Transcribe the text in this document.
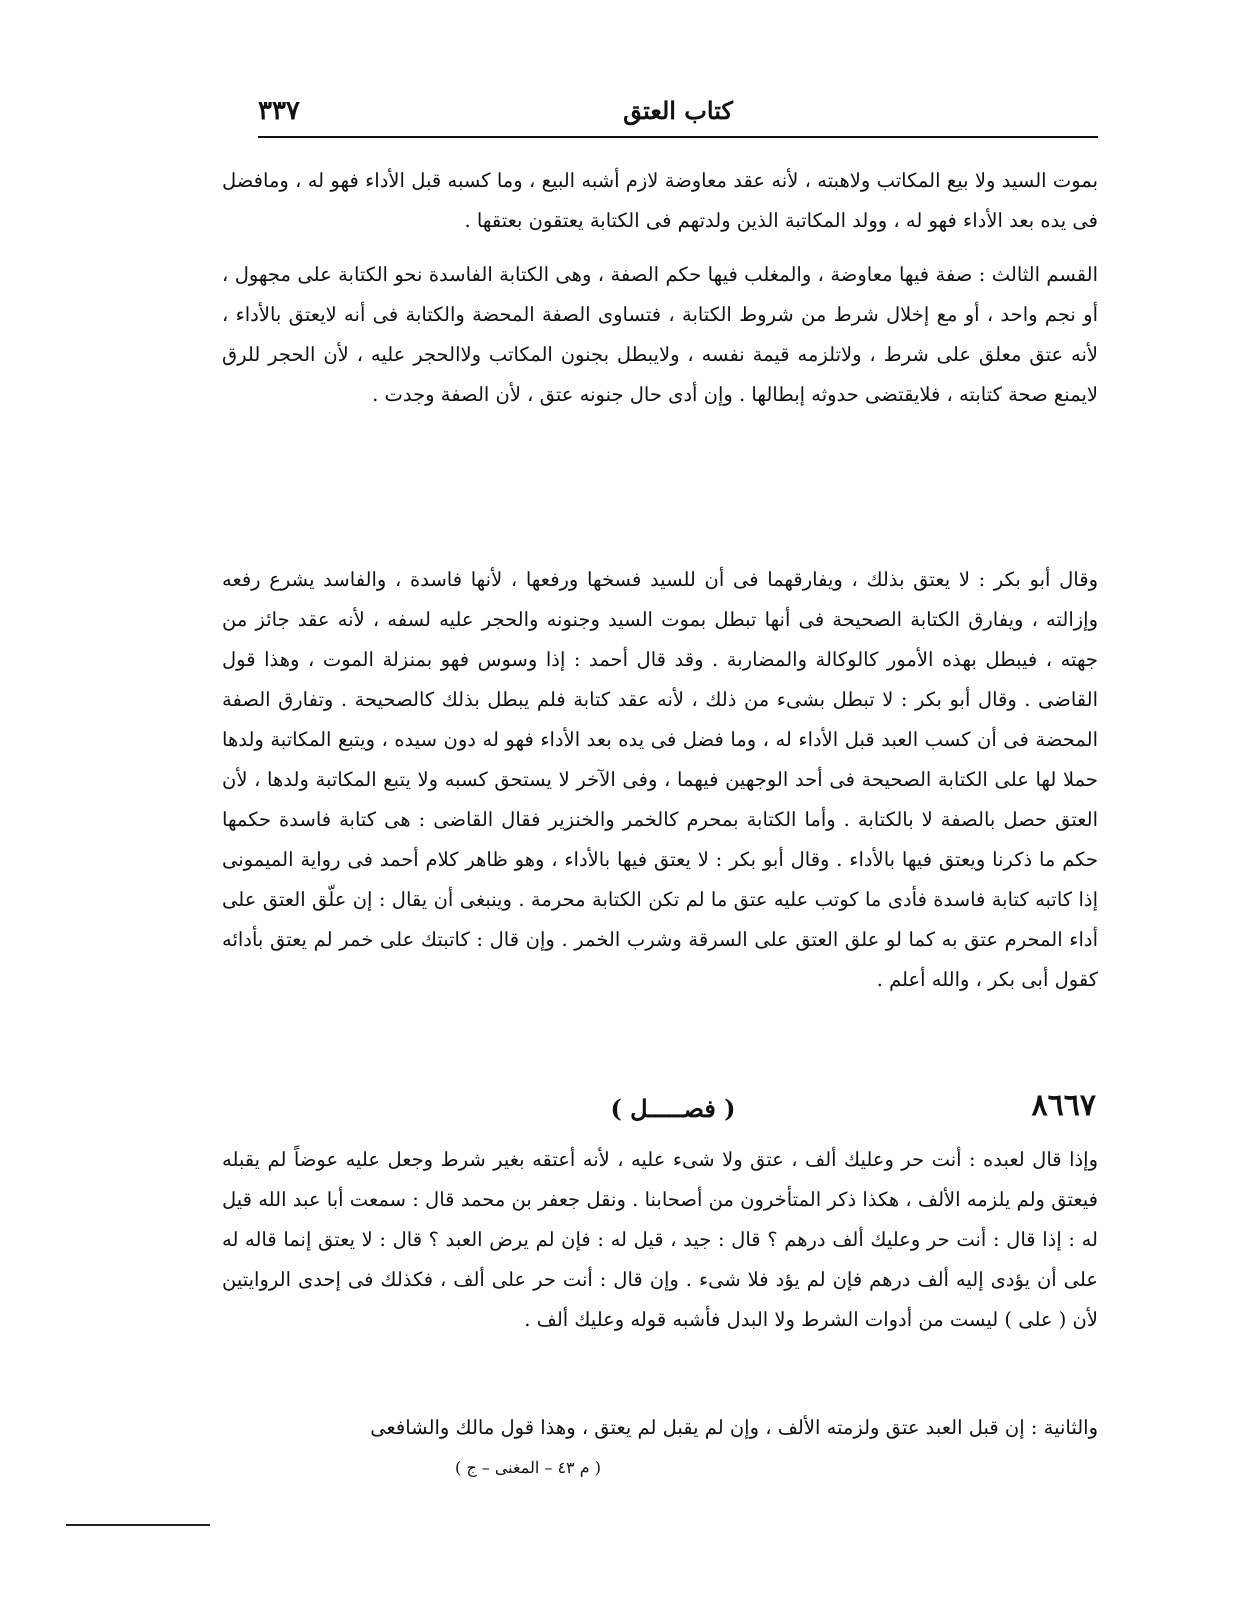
كتاب العتق
٣٣٧

بموت السيد ولا بيع المكاتب ولاهبته ، لأنه عقد معاوضة لازم أشبه البيع ، وما كسبه قبل الأداء فهو له ، ومافضل فى يده بعد الأداء فهو له ، وولد المكاتبة الذين ولدتهم فى الكتابة يعتقون بعتقها .

القسم الثالث : صفة فيها معاوضة ، والمغلب فيها حكم الصفة ، وهى الكتابة الفاسدة نحو الكتابة على مجهول ، أو نجم واحد ، أو مع إخلال شرط من شروط الكتابة ، فتساوى الصفة المحضة والكتابة فى أنه لايعتق بالأداء ، لأنه عتق معلق على شرط ، ولاتلزمه قيمة نفسه ، ولايبطل بجنون المكاتب ولاالحجر عليه ، لأن الحجر للرق لايمنع صحة كتابته ، فلايقتضى حدوثه إبطالها . وإن أدى حال جنونه عتق ، لأن الصفة وجدت .

وقال أبو بكر : لا يعتق بذلك ، ويفارقهما فى أن للسيد فسخها ورفعها ، لأنها فاسدة ، والفاسد يشرع رفعه وإزالته ، ويفارق الكتابة الصحيحة فى أنها تبطل بموت السيد وجنونه والحجر عليه لسفه ، لأنه عقد جائز من جهته ، فيبطل بهذه الأمور كالوكالة والمضاربة . وقد قال أحمد : إذا وسوس فهو بمنزلة الموت ، وهذا قول القاضى . وقال أبو بكر : لا تبطل بشىء من ذلك ، لأنه عقد كتابة فلم يبطل بذلك كالصحيحة . وتفارق الصفة المحضة فى أن كسب العبد قبل الأداء له ، وما فضل فى يده بعد الأداء فهو له دون سيده ، ويتبع المكاتبة ولدها حملا لها على الكتابة الصحيحة فى أحد الوجهين فيهما ، وفى الآخر لا يستحق كسبه ولا يتبع المكاتبة ولدها ، لأن العتق حصل بالصفة لا بالكتابة . وأما الكتابة بمحرم كالخمر والخنزير فقال القاضى : هى كتابة فاسدة حكمها حكم ما ذكرنا ويعتق فيها بالأداء . وقال أبو بكر : لا يعتق فيها بالأداء ، وهو ظاهر كلام أحمد فى رواية الميمونى إذا كاتبه كتابة فاسدة فأدى ما كوتب عليه عتق ما لم تكن الكتابة محرمة . وينبغى أن يقال : إن علّق العتق على أداء المحرم عتق به كما لو علق العتق على السرقة وشرب الخمر . وإن قال : كاتبتك على خمر لم يعتق بأدائه كقول أبى بكر ، والله أعلم .

٨٦٦٧
( فصـــــل )

وإذا قال لعبده : أنت حر وعليك ألف ، عتق ولا شىء عليه ، لأنه أعتقه بغير شرط وجعل عليه عوضاً لم يقبله فيعتق ولم يلزمه الألف ، هكذا ذكر المتأخرون من أصحابنا . ونقل جعفر بن محمد قال : سمعت أبا عبد الله قيل له : إذا قال : أنت حر وعليك ألف درهم ؟ قال : جيد ، قيل له : فإن لم يرض العبد ؟ قال : لا يعتق إنما قاله له على أن يؤدى إليه ألف درهم فإن لم يؤد فلا شىء . وإن قال : أنت حر على ألف ، فكذلك فى إحدى الروايتين لأن ( على ) ليست من أدوات الشرط ولا البدل فأشبه قوله وعليك ألف .

والثانية : إن قبل العبد عتق ولزمته الألف ، وإن لم يقبل لم يعتق ، وهذا قول مالك والشافعى

( م ٤٣ – المغنى – ج )
